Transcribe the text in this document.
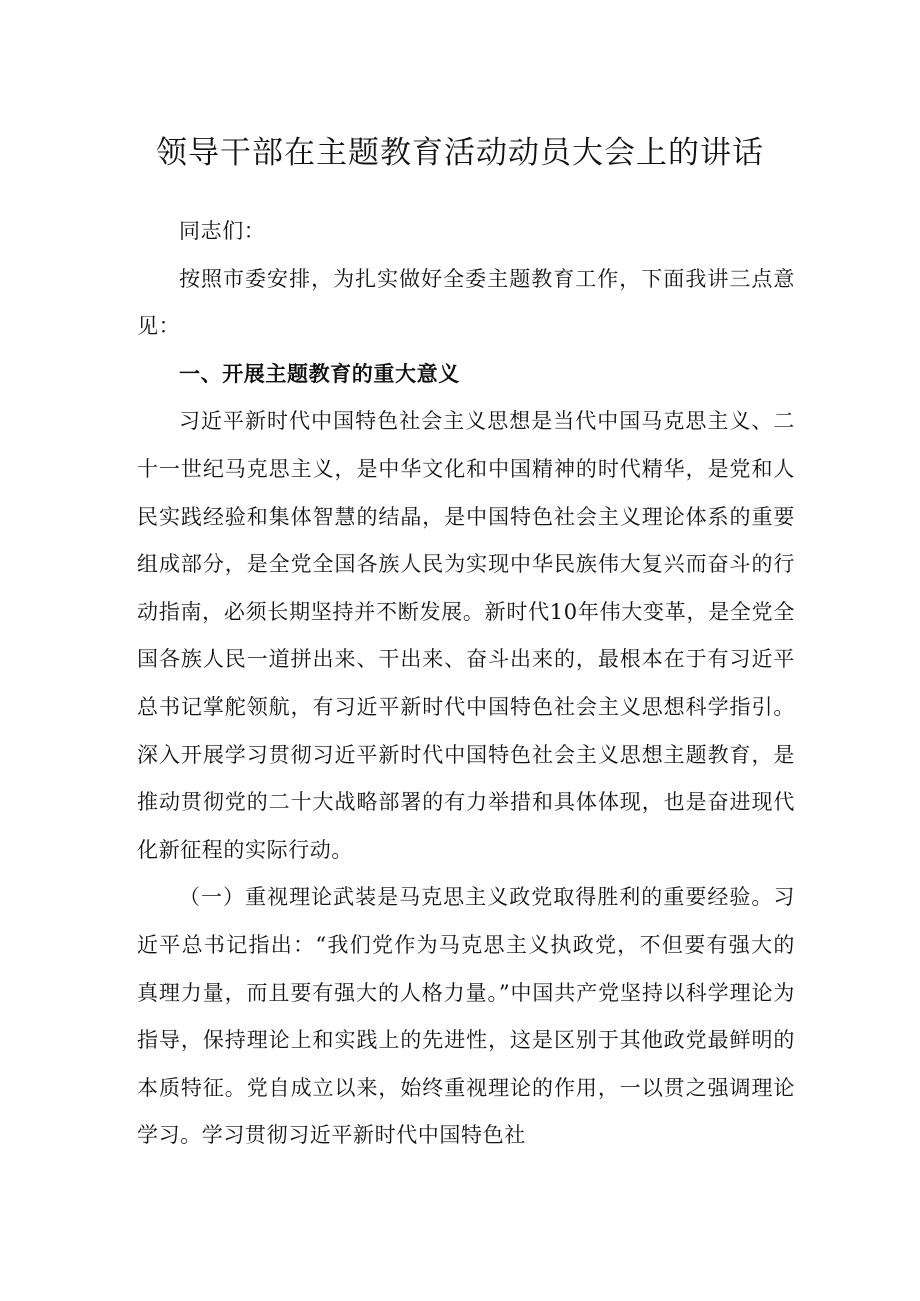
领导干部在主题教育活动动员大会上的讲话

同志们：

按照市委安排，为扎实做好全委主题教育工作，下面我讲三点意见：

一、开展主题教育的重大意义

习近平新时代中国特色社会主义思想是当代中国马克思主义、二十一世纪马克思主义，是中华文化和中国精神的时代精华，是党和人民实践经验和集体智慧的结晶，是中国特色社会主义理论体系的重要组成部分，是全党全国各族人民为实现中华民族伟大复兴而奋斗的行动指南，必须长期坚持并不断发展。新时代10年伟大变革，是全党全国各族人民一道拼出来、干出来、奋斗出来的，最根本在于有习近平总书记掌舵领航，有习近平新时代中国特色社会主义思想科学指引。深入开展学习贯彻习近平新时代中国特色社会主义思想主题教育，是推动贯彻党的二十大战略部署的有力举措和具体体现，也是奋进现代化新征程的实际行动。

（一）重视理论武装是马克思主义政党取得胜利的重要经验。习近平总书记指出：“我们党作为马克思主义执政党，不但要有强大的真理力量，而且要有强大的人格力量。”中国共产党坚持以科学理论为指导，保持理论上和实践上的先进性，这是区别于其他政党最鲜明的本质特征。党自成立以来，始终重视理论的作用，一以贯之强调理论学习。学习贯彻习近平新时代中国特色社
